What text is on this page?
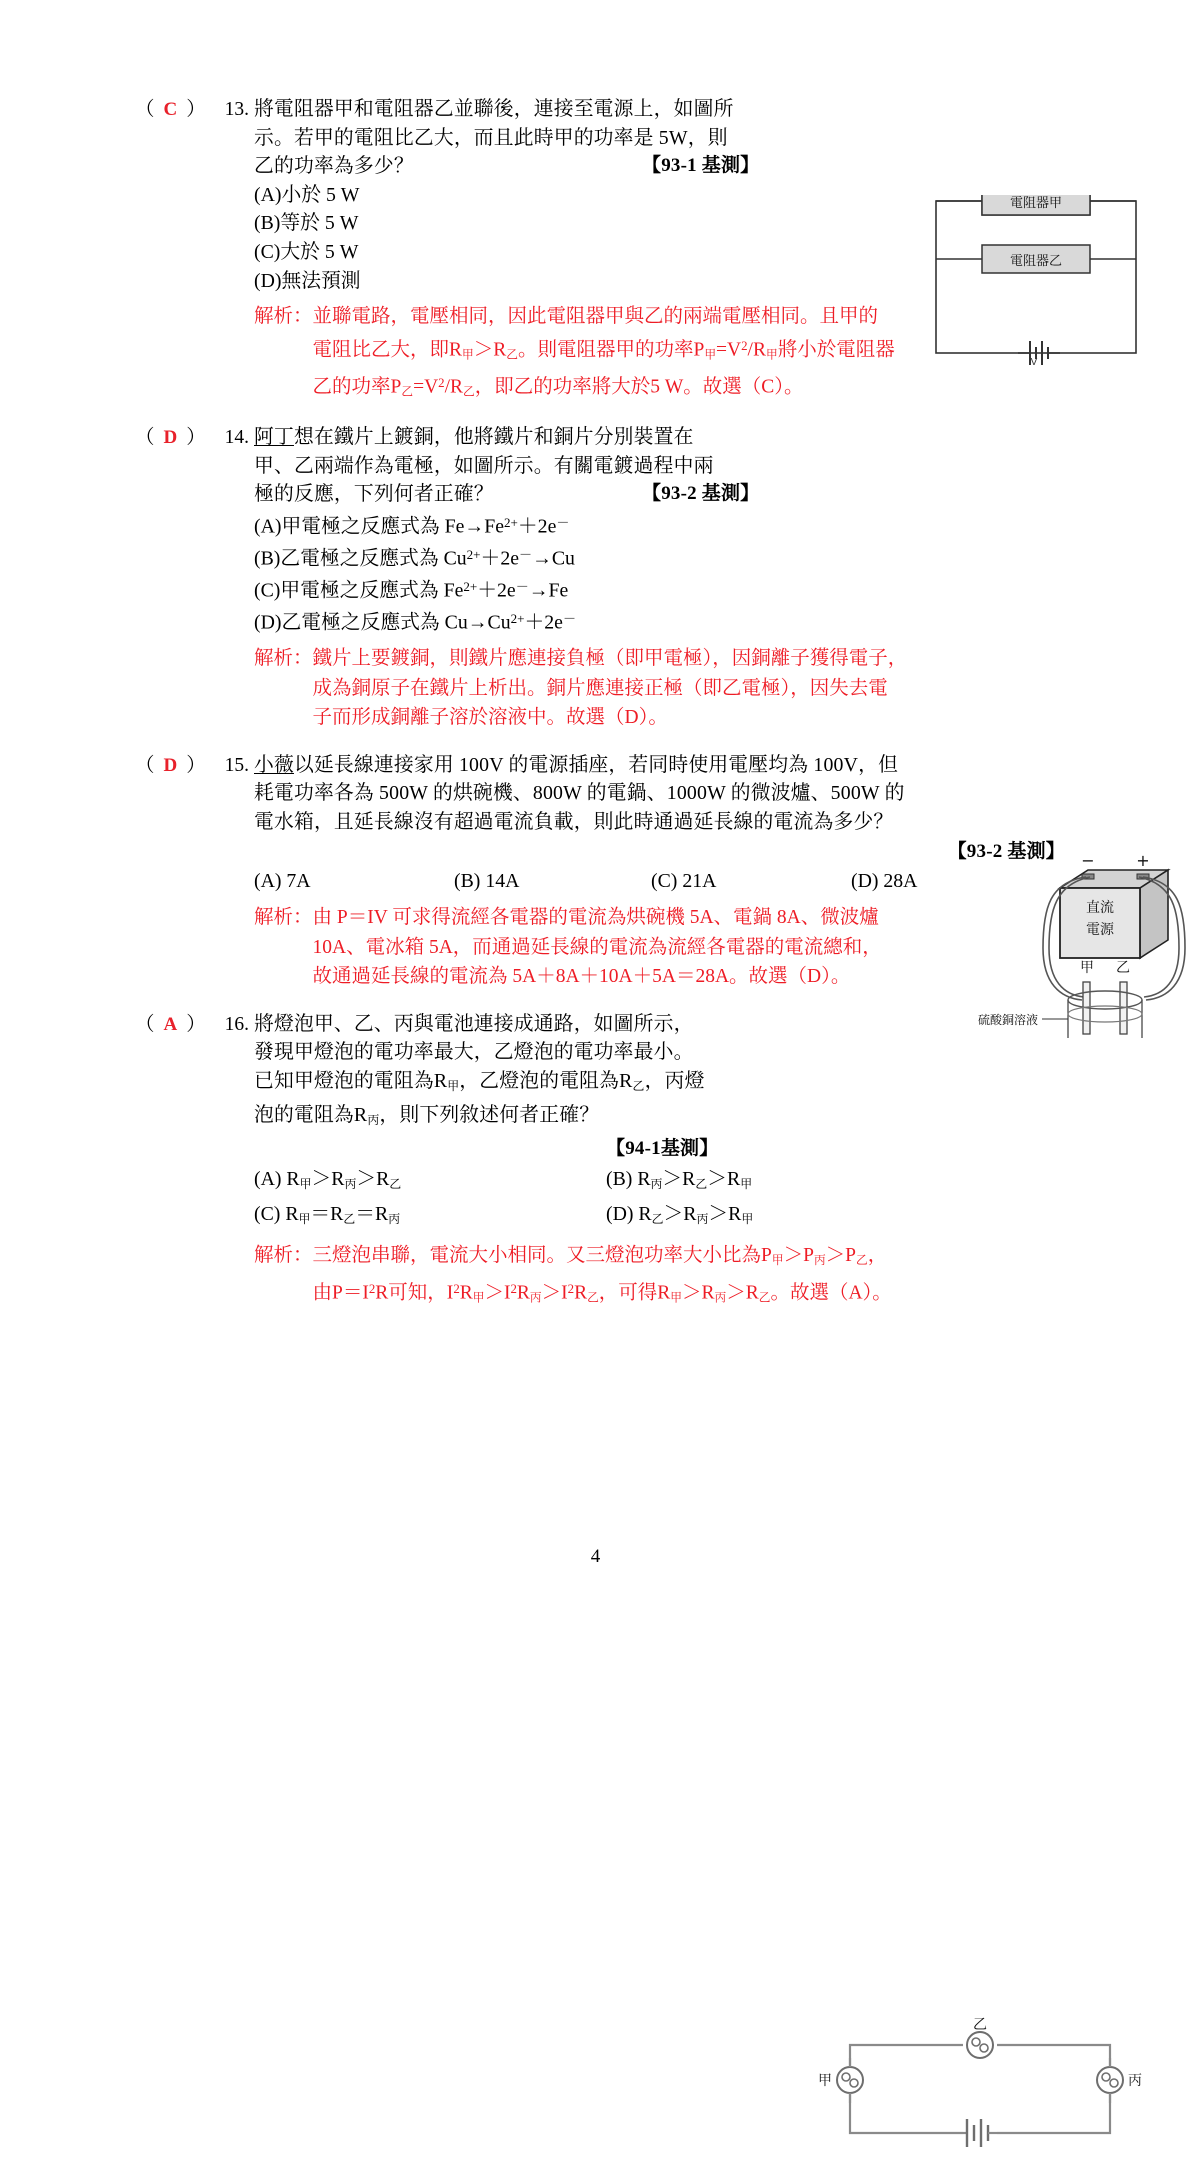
（ C ） 13. 將電阻器甲和電阻器乙並聯後，連接至電源上，如圖所
示。若甲的電阻比乙大，而且此時甲的功率是 5W，則
乙的功率為多少？	【93-1 基測】
(A)小於 5 W
(B)等於 5 W
(C)大於 5 W
(D)無法預測
解析： 並聯電路，電壓相同，因此電阻器甲與乙的兩端電壓相同。且甲的
電阻比乙大，即R甲＞R乙。則電阻器甲的功率P甲$=V^2/R$甲將小於電阻器
乙的功率P乙$=V^2/R$乙，即乙的功率將大於5 W。故選（C）。
V
電阻器甲
電阻器乙
（ D ） 14. 阿丁想在鐵片上鍍銅，他將鐵片和銅片分別裝置在
甲、乙兩端作為電極，如圖所示。有關電鍍過程中兩
極的反應，下列何者正確？	【93-2 基測】
(A)甲電極之反應式為 $Fe\to Fe^{2+}+2e^-$
(B)乙電極之反應式為 $Cu^{2+}+2e^-\to Cu$
(C)甲電極之反應式為 $Fe^{2+}+2e^-\to Fe$
(D)乙電極之反應式為 $Cu\to Cu^{2+}+2e^-$
解析： 鐵片上要鍍銅，則鐵片應連接負極（即甲電極），因銅離子獲得電子，
成為銅原子在鐵片上析出。銅片應連接正極（即乙電極），因失去電
子而形成銅離子溶於溶液中。故選（D）。
−	+
直流
電源
甲 乙
硫酸銅溶液
（ D ） 15. 小薇以延長線連接家用 100V 的電源插座，若同時使用電壓均為 100V，但
耗電功率各為 500W 的烘碗機、800W 的電鍋、1000W 的微波爐、500W 的
電水箱，且延長線沒有超過電流負載，則此時通過延長線的電流為多少？
【93-2 基測】
(A) 7A	(B) 14A	(C) 21A	(D) 28A
解析： 由 P＝IV 可求得流經各電器的電流為烘碗機 5A、電鍋 8A、微波爐
10A、電冰箱 5A，而通過延長線的電流為流經各電器的電流總和，
故通過延長線的電流為 5A＋8A＋10A＋5A＝28A。故選（D）。
（ A ） 16. 將燈泡甲、乙、丙與電池連接成通路，如圖所示，
發現甲燈泡的電功率最大，乙燈泡的電功率最小。
已知甲燈泡的電阻為R甲，乙燈泡的電阻為R乙，丙燈
泡的電阻為R丙，則下列敘述何者正確？
【94-1基測】
(A) R甲＞R丙＞R乙	(B) R丙＞R乙＞R甲
(C) R甲＝R乙＝R丙	(D) R乙＞R丙＞R甲
解析： 三燈泡串聯，電流大小相同。又三燈泡功率大小比為P甲＞P丙＞P乙，
由$P=I^2R$可知，$I^2R$甲$>I^2R$丙$>I^2R$乙，可得R甲＞R丙＞R乙。故選（A）。
乙
甲	丙
4
